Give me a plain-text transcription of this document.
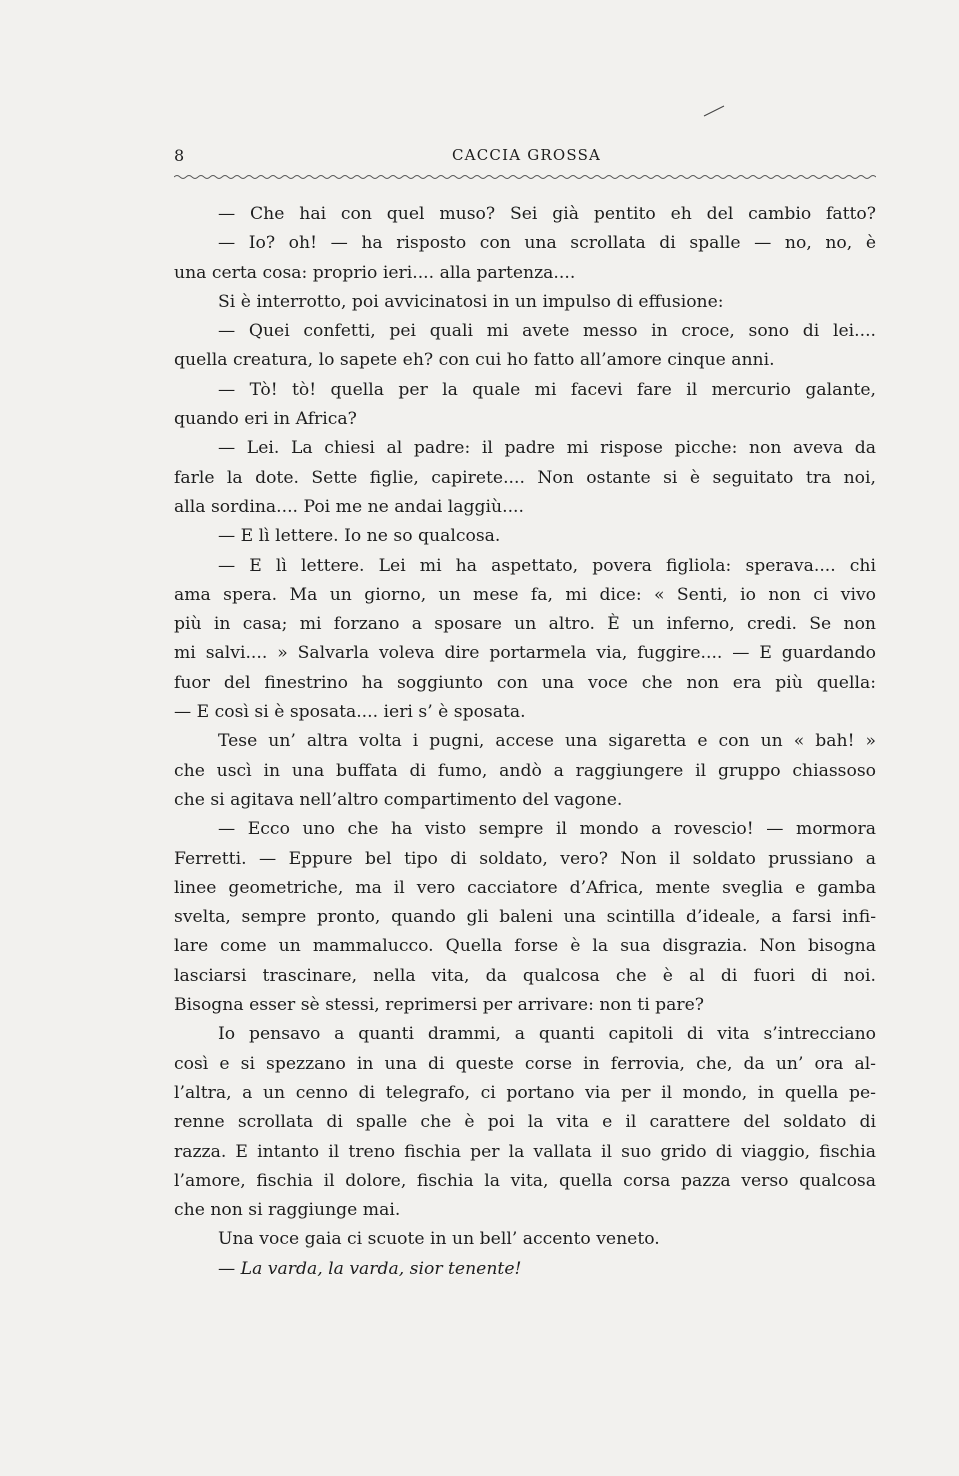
8	CACCIA GROSSA
— Che hai con quel muso? Sei già pentito eh del cambio fatto?
— Io? oh! — ha risposto con una scrollata di spalle — no, no, è
una certa cosa: proprio ieri.... alla partenza....
Si è interrotto, poi avvicinatosi in un impulso di effusione:
— Quei confetti, pei quali mi avete messo in croce, sono di lei....
quella creatura, lo sapete eh? con cui ho fatto all’amore cinque anni.
— Tò! tò! quella per la quale mi facevi fare il mercurio galante,
quando eri in Africa?
— Lei. La chiesi al padre: il padre mi rispose picche: non aveva da
farle la dote. Sette figlie, capirete.... Non ostante si è seguitato tra noi,
alla sordina.... Poi me ne andai laggiù....
— E lì lettere. Io ne so qualcosa.
— E lì lettere. Lei mi ha aspettato, povera figliola: sperava.... chi
ama spera. Ma un giorno, un mese fa, mi dice: « Senti, io non ci vivo
più in casa; mi forzano a sposare un altro. È un inferno, credi. Se non
mi salvi.... » Salvarla voleva dire portarmela via, fuggire.... — E guardando
fuor del finestrino ha soggiunto con una voce che non era più quella:
— E così si è sposata.... ieri s’ è sposata.
Tese un’ altra volta i pugni, accese una sigaretta e con un « bah! »
che uscì in una buffata di fumo, andò a raggiungere il gruppo chiassoso
che si agitava nell’altro compartimento del vagone.
— Ecco uno che ha visto sempre il mondo a rovescio! — mormora
Ferretti. — Eppure bel tipo di soldato, vero? Non il soldato prussiano a
linee geometriche, ma il vero cacciatore d’Africa, mente sveglia e gamba
svelta, sempre pronto, quando gli baleni una scintilla d’ideale, a farsi infi-
lare come un mammalucco. Quella forse è la sua disgrazia. Non bisogna
lasciarsi trascinare, nella vita, da qualcosa che è al di fuori di noi.
Bisogna esser sè stessi, reprimersi per arrivare: non ti pare?
Io pensavo a quanti drammi, a quanti capitoli di vita s’intrecciano
così e si spezzano in una di queste corse in ferrovia, che, da un’ ora al-
l’altra, a un cenno di telegrafo, ci portano via per il mondo, in quella pe-
renne scrollata di spalle che è poi la vita e il carattere del soldato di
razza. E intanto il treno fischia per la vallata il suo grido di viaggio, fischia
l’amore, fischia il dolore, fischia la vita, quella corsa pazza verso qualcosa
che non si raggiunge mai.
Una voce gaia ci scuote in un bell’ accento veneto.
— La varda, la varda, sior tenente!
